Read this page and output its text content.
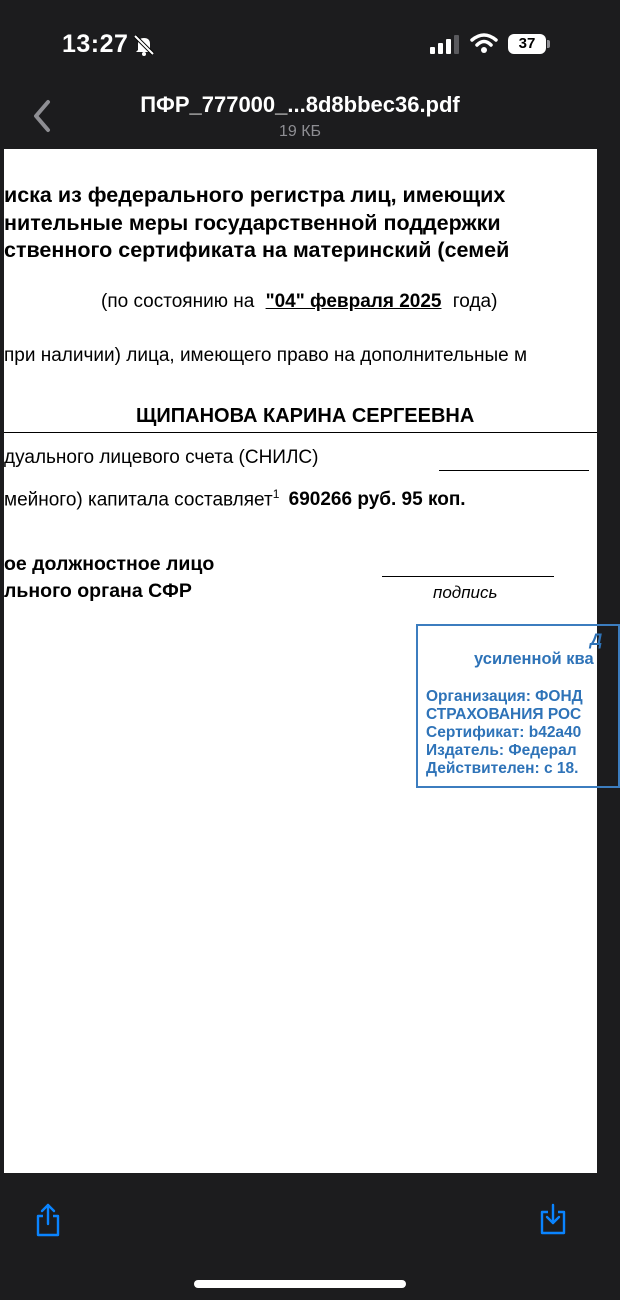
13:27	37
ПФР_777000_...8d8bbec36.pdf
19 КБ
иска из федерального регистра лиц, имеющих
нительные меры государственной поддержки
ственного сертификата на материнский (семей
(по состоянию на "04" февраля 2025 года)
при наличии) лица, имеющего право на дополнительные м
ЩИПАНОВА КАРИНА СЕРГЕЕВНА
дуального лицевого счета (СНИЛС)
мейного) капитала составляет$^1$ 690266 руб. 95 коп.
ое должностное лицо
льного органа СФР	подпись
Д
усиленной ква
Организация: ФОНД
СТРАХОВАНИЯ РОС
Сертификат: b42a40
Издатель: Федерал
Действителен: с 18.
